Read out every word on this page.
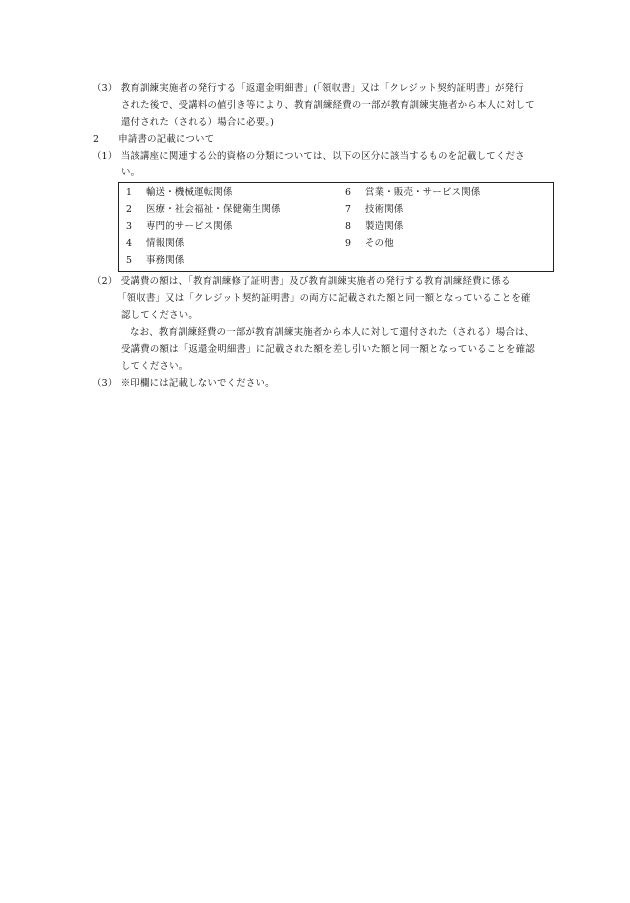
（3） 教育訓練実施者の発行する「返還金明細書」(「領収書」又は「クレジット契約証明書」が発行
された後で、受講料の値引き等により、教育訓練経費の一部が教育訓練実施者から本人に対して
還付された（される）場合に必要。)
2 申請書の記載について
（1） 当該講座に関連する公的資格の分類については、以下の区分に該当するものを記載してくださ
い。
1 輸送・機械運転関係
2 医療・社会福祉・保健衛生関係
3 専門的サービス関係
4 情報関係
5 事務関係
6 営業・販売・サービス関係
7 技術関係
8 製造関係
9 その他
（2） 受講費の額は、「教育訓練修了証明書」及び教育訓練実施者の発行する教育訓練経費に係る
「領収書」又は「クレジット契約証明書」の両方に記載された額と同一額となっていることを確
認してください。
なお、教育訓練経費の一部が教育訓練実施者から本人に対して還付された（される）場合は、
受講費の額は「返還金明細書」に記載された額を差し引いた額と同一額となっていることを確認
してください。
（3） ※印欄には記載しないでください。
